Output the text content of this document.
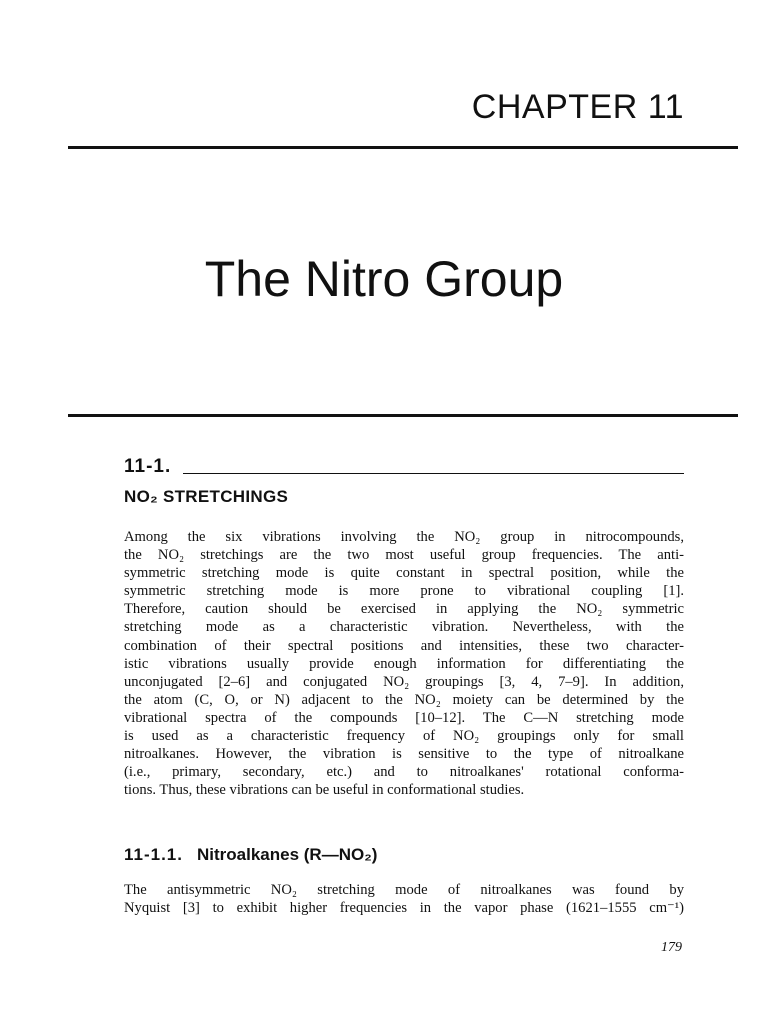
CHAPTER 11
The Nitro Group
11-1.
NO₂ STRETCHINGS
Among the six vibrations involving the NO₂ group in nitrocompounds,
the NO₂ stretchings are the two most useful group frequencies. The anti-
symmetric stretching mode is quite constant in spectral position, while the
symmetric stretching mode is more prone to vibrational coupling [1].
Therefore, caution should be exercised in applying the NO₂ symmetric
stretching mode as a characteristic vibration. Nevertheless, with the
combination of their spectral positions and intensities, these two character-
istic vibrations usually provide enough information for differentiating the
unconjugated [2–6] and conjugated NO₂ groupings [3, 4, 7–9]. In addition,
the atom (C, O, or N) adjacent to the NO₂ moiety can be determined by the
vibrational spectra of the compounds [10–12]. The C—N stretching mode
is used as a characteristic frequency of NO₂ groupings only for small
nitroalkanes. However, the vibration is sensitive to the type of nitroalkane
(i.e., primary, secondary, etc.) and to nitroalkanes' rotational conforma-
tions. Thus, these vibrations can be useful in conformational studies.
11-1.1. Nitroalkanes (R—NO₂)
The antisymmetric NO₂ stretching mode of nitroalkanes was found by
Nyquist [3] to exhibit higher frequencies in the vapor phase (1621–1555 cm⁻¹)
179
